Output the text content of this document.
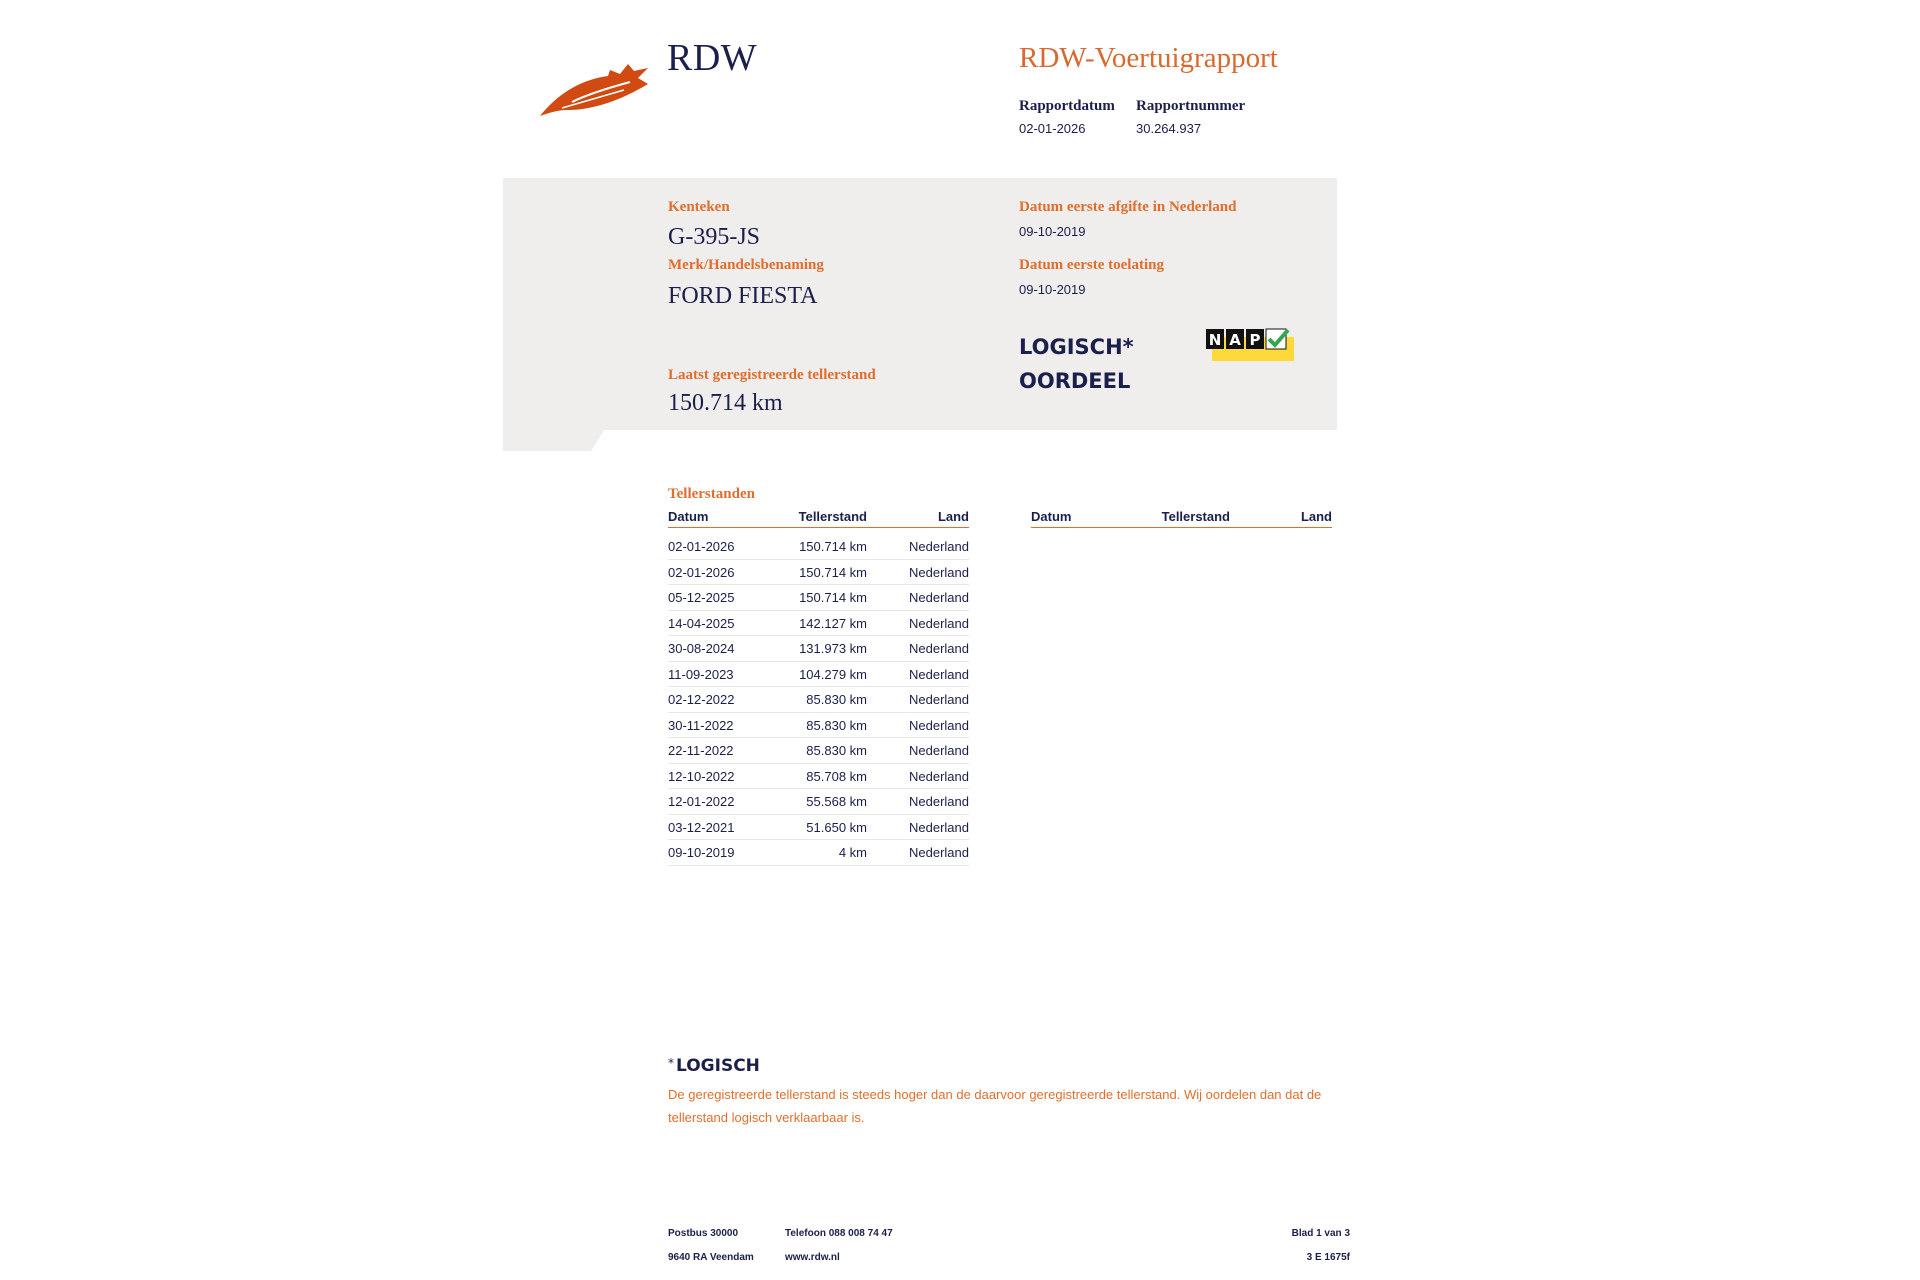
RDW	RDW-Voertuigrapport
Rapportdatum Rapportnummer
02-01-2026	30.264.937
Kenteken
G-395-JS
Merk/Handelsbenaming
FORD FIESTA
Laatst geregistreerde tellerstand
150.714 km
Datum eerste afgifte in Nederland
09-10-2019
Datum eerste toelating
09-10-2019
LOGISCH*
OORDEEL
N A P
Tellerstanden
Datum	Tellerstand	Land
02-01-2026	150.714 km	Nederland
02-01-2026	150.714 km	Nederland
05-12-2025	150.714 km	Nederland
14-04-2025	142.127 km	Nederland
30-08-2024	131.973 km	Nederland
11-09-2023	104.279 km	Nederland
02-12-2022	85.830 km	Nederland
30-11-2022	85.830 km	Nederland
22-11-2022	85.830 km	Nederland
12-10-2022	85.708 km	Nederland
12-01-2022	55.568 km	Nederland
03-12-2021	51.650 km	Nederland
09-10-2019	4 km	Nederland
Datum	Tellerstand	Land
* LOGISCH
De geregistreerde tellerstand is steeds hoger dan de daarvoor geregistreerde tellerstand. Wij oordelen dan dat de tellerstand logisch verklaarbaar is.
Postbus 30000
9640 RA Veendam
Telefoon 088 008 74 47
www.rdw.nl
Blad 1 van 3
3 E 1675f
